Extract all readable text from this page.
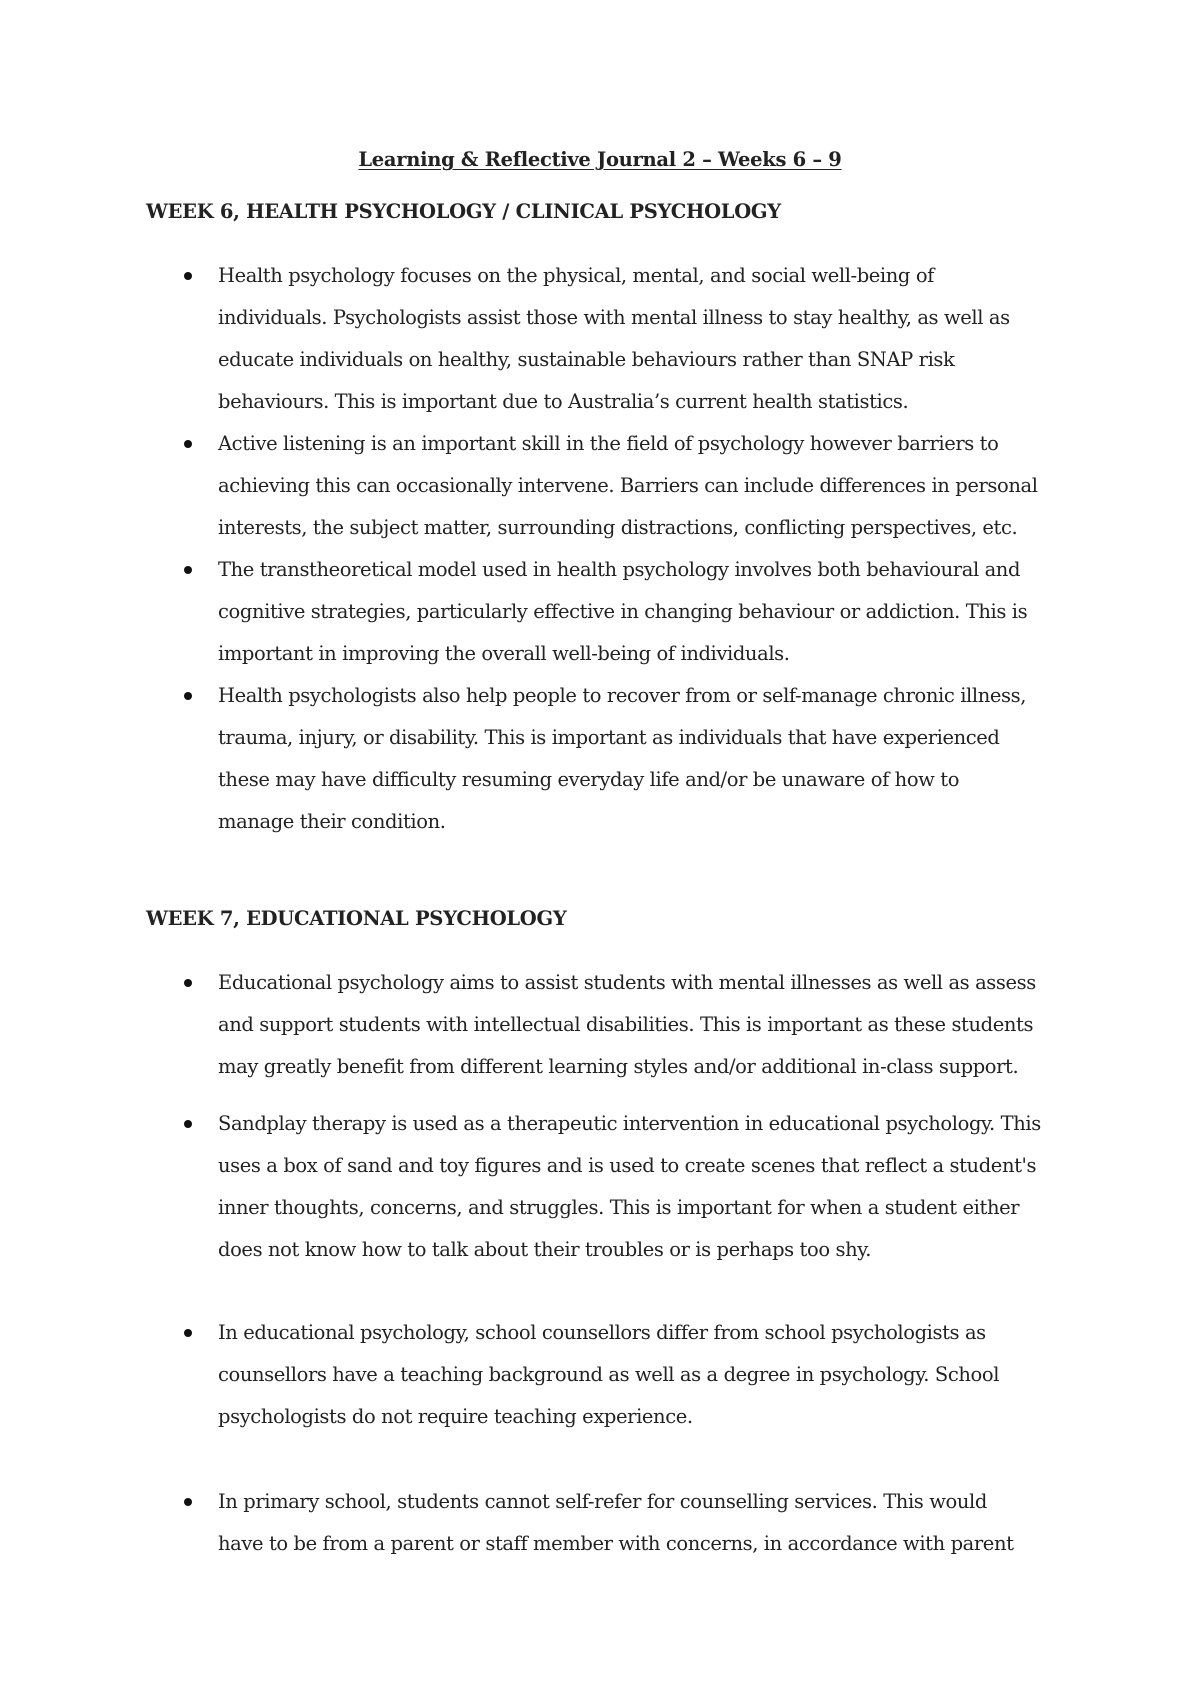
Learning & Reflective Journal 2 – Weeks 6 – 9
WEEK 6, HEALTH PSYCHOLOGY / CLINICAL PSYCHOLOGY
Health psychology focuses on the physical, mental, and social well-being of
individuals. Psychologists assist those with mental illness to stay healthy, as well as
educate individuals on healthy, sustainable behaviours rather than SNAP risk
behaviours. This is important due to Australia’s current health statistics.
Active listening is an important skill in the field of psychology however barriers to
achieving this can occasionally intervene. Barriers can include differences in personal
interests, the subject matter, surrounding distractions, conflicting perspectives, etc.
The transtheoretical model used in health psychology involves both behavioural and
cognitive strategies, particularly effective in changing behaviour or addiction. This is
important in improving the overall well-being of individuals.
Health psychologists also help people to recover from or self-manage chronic illness,
trauma, injury, or disability. This is important as individuals that have experienced
these may have difficulty resuming everyday life and/or be unaware of how to
manage their condition.
WEEK 7, EDUCATIONAL PSYCHOLOGY
Educational psychology aims to assist students with mental illnesses as well as assess
and support students with intellectual disabilities. This is important as these students
may greatly benefit from different learning styles and/or additional in-class support.
Sandplay therapy is used as a therapeutic intervention in educational psychology. This
uses a box of sand and toy figures and is used to create scenes that reflect a student's
inner thoughts, concerns, and struggles. This is important for when a student either
does not know how to talk about their troubles or is perhaps too shy.
In educational psychology, school counsellors differ from school psychologists as
counsellors have a teaching background as well as a degree in psychology. School
psychologists do not require teaching experience.
In primary school, students cannot self-refer for counselling services. This would
have to be from a parent or staff member with concerns, in accordance with parent
